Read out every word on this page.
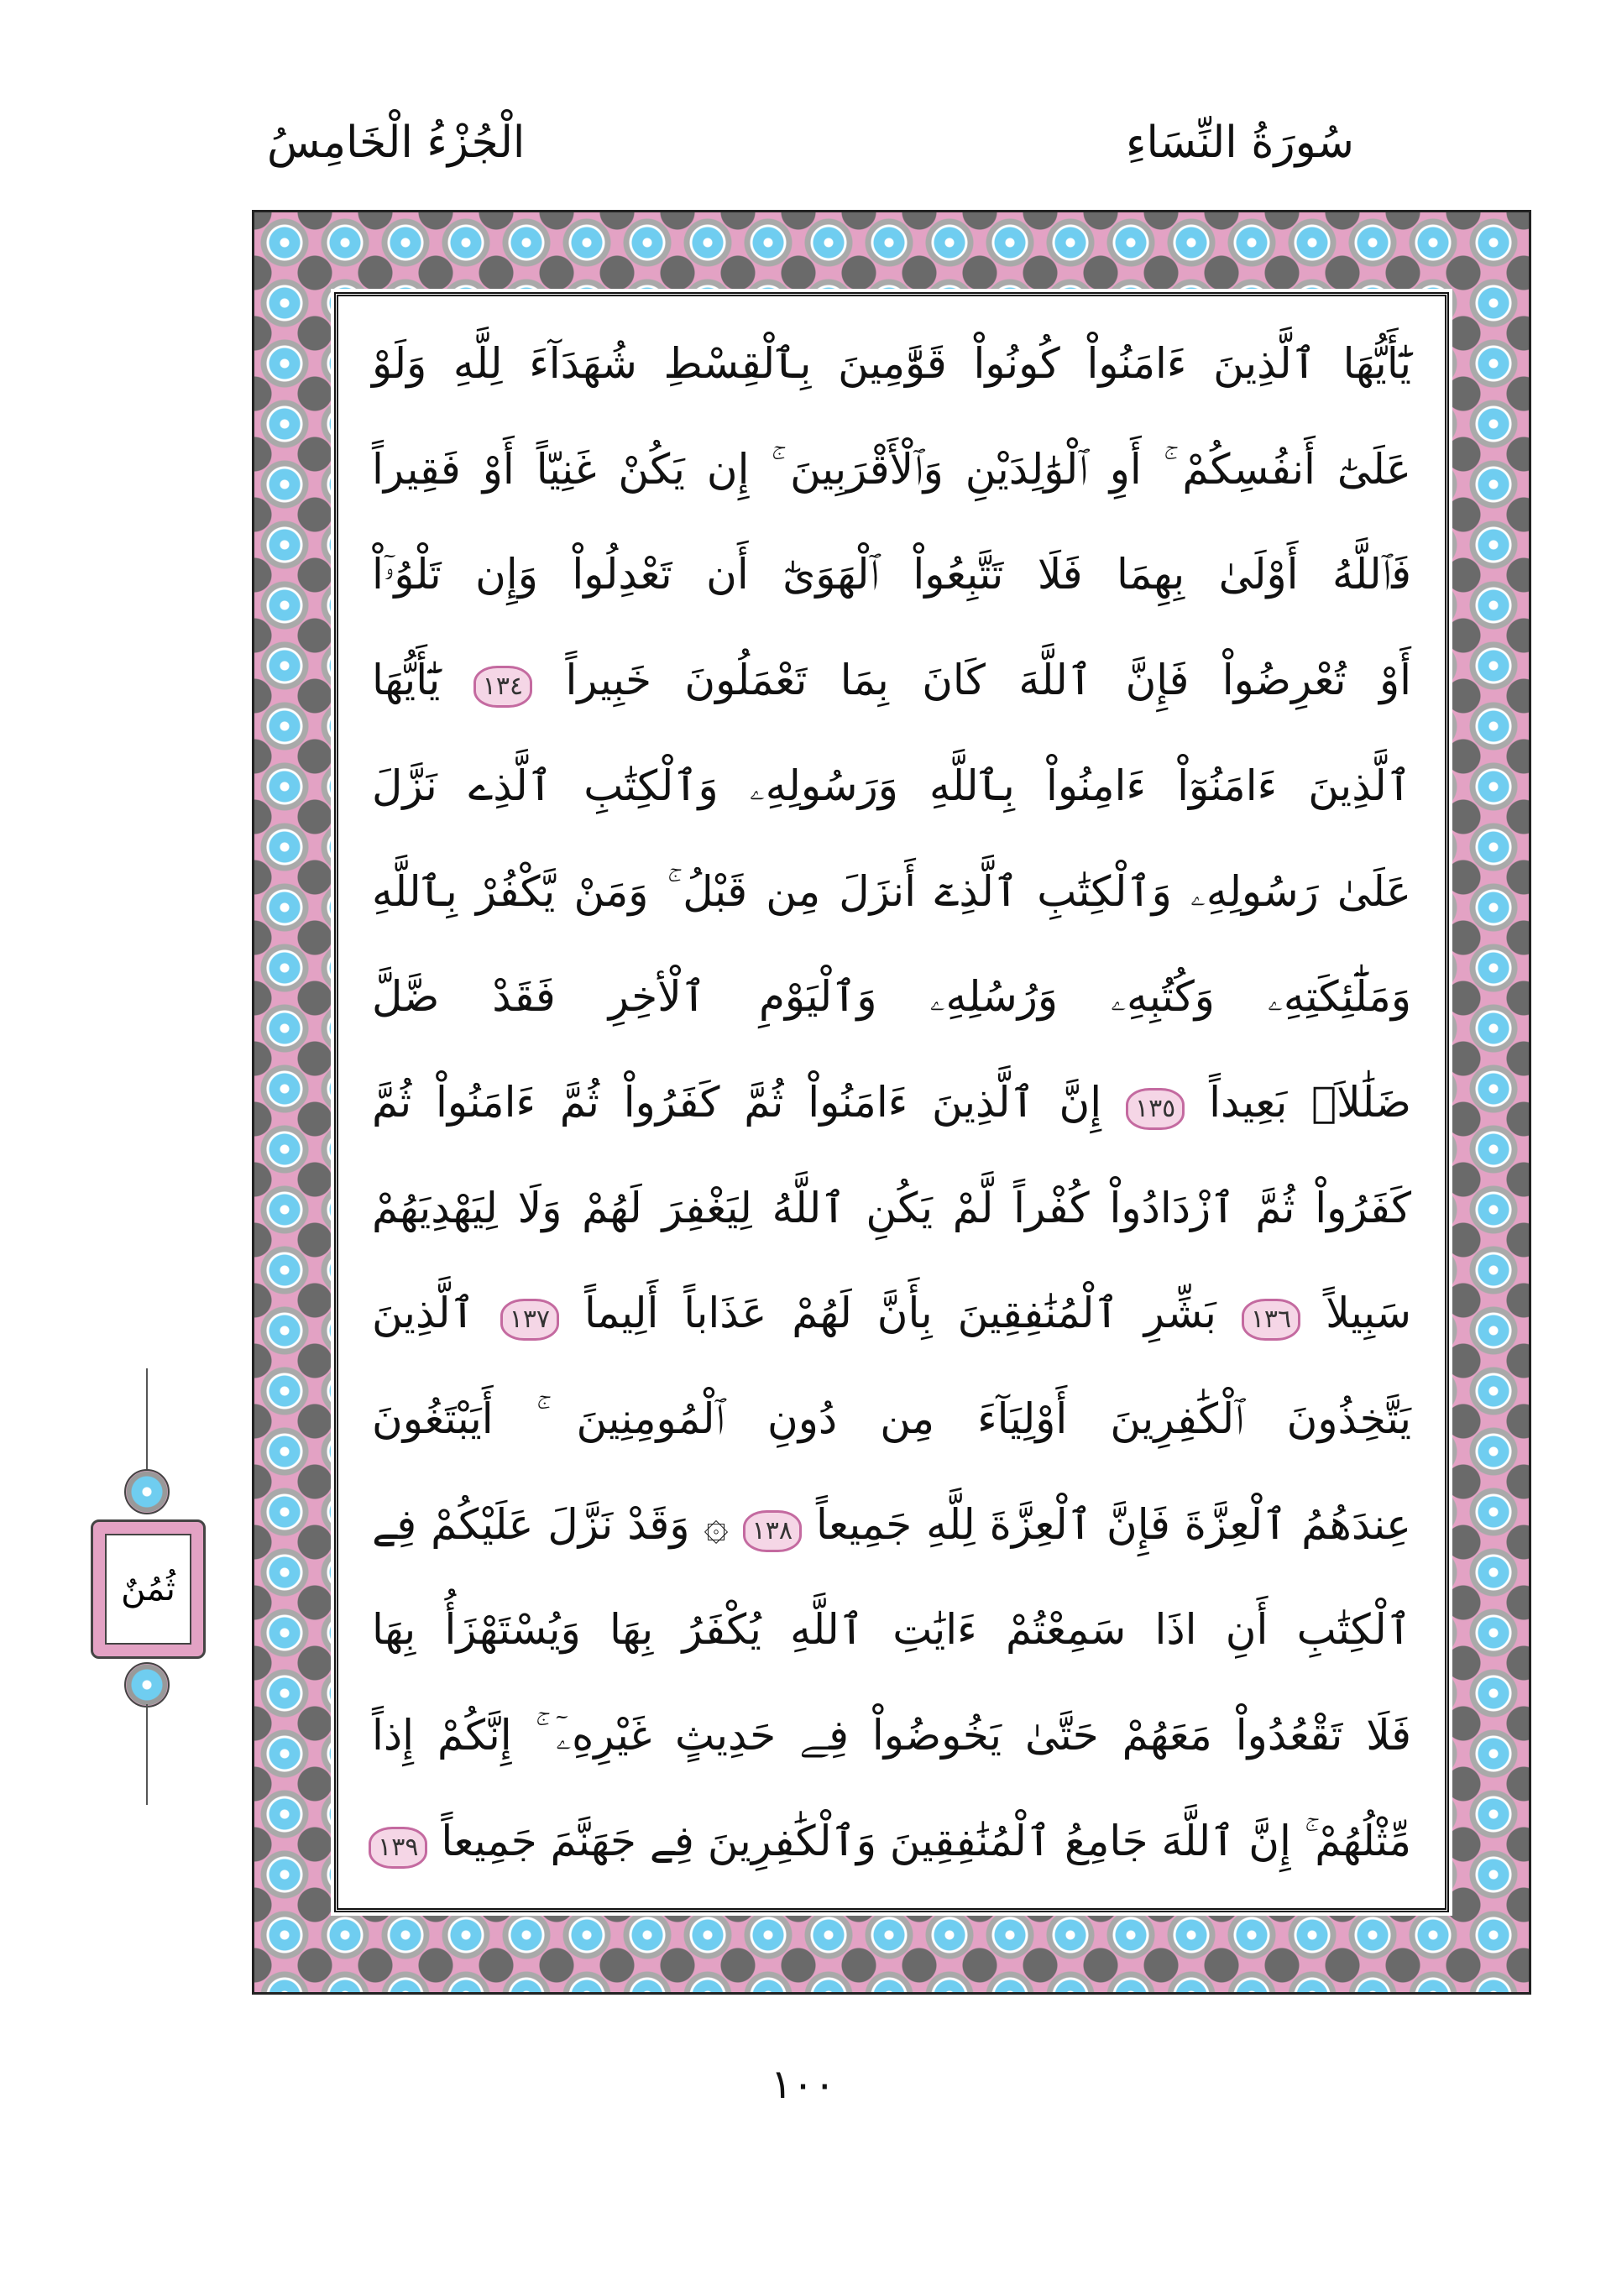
سُورَةُ النِّسَاءِ
الْجُزْءُ الْخَامِسُ
يَٰٓأَيُّهَا ٱلَّذِينَ ءَامَنُواْ كُونُواْ قَوَّٰمِينَ بِٱلْقِسْطِ شُهَدَآءَ لِلَّهِ وَلَوْ
عَلَىٰٓ أَنفُسِكُمْ ۚ أَوِ ٱلْوَٰلِدَيْنِ وَٱلْأَقْرَبِينَ ۚ إِن يَكُنْ غَنِيّاً أَوْ فَقِيراً
فَٱللَّهُ أَوْلَىٰ بِهِمَا فَلَا تَتَّبِعُواْ ٱلْهَوَىٰٓ أَن تَعْدِلُواْ وَإِن تَلْوُۥٓاْ
أَوْ تُعْرِضُواْ فَإِنَّ ٱللَّهَ كَانَ بِمَا تَعْمَلُونَ خَبِيراً ١٣٤ يَٰٓأَيُّهَا
ٱلَّذِينَ ءَامَنُوٓاْ ءَامِنُواْ بِٱللَّهِ وَرَسُولِهِۦ وَٱلْكِتَٰبِ ٱلَّذِے نَزَّلَ
عَلَىٰ رَسُولِهِۦ وَٱلْكِتَٰبِ ٱلَّذِےٓ أَنزَلَ مِن قَبْلُ ۚ وَمَنْ يَّكْفُرْ بِٱللَّهِ
وَمَلَٰٓئِكَتِهِۦ وَكُتُبِهِۦ وَرُسُلِهِۦ وَٱلْيَوْمِ ٱلْأخِرِ فَقَدْ ضَّلَّ
ضَلَٰلاَۢ بَعِيداً ١٣٥ إِنَّ ٱلَّذِينَ ءَامَنُواْ ثُمَّ كَفَرُواْ ثُمَّ ءَامَنُواْ ثُمَّ
كَفَرُواْ ثُمَّ ٱزْدَادُواْ كُفْراً لَّمْ يَكُنِ ٱللَّهُ لِيَغْفِرَ لَهُمْ وَلَا لِيَهْدِيَهُمْ
سَبِيلاً ١٣٦ بَشِّرِ ٱلْمُنَٰفِقِينَ بِأَنَّ لَهُمْ عَذَاباً أَلِيماً ١٣٧ ٱلَّذِينَ
يَتَّخِذُونَ ٱلْكَٰفِرِينَ أَوْلِيَآءَ مِن دُونِ ٱلْمُومِنِينَ ۚ أَيَبْتَغُونَ
عِندَهُمُ ٱلْعِزَّةَ فَإِنَّ ٱلْعِزَّةَ لِلَّهِ جَمِيعاً ١٣٨ ۞ وَقَدْ نَزَّلَ عَلَيْكُمْ فِے
ٱلْكِتَٰبِ أَنِ اذَا سَمِعْتُمْ ءَايَٰتِ ٱللَّهِ يُكْفَرُ بِهَا وَيُسْتَهْزَأُ بِهَا
فَلَا تَقْعُدُواْ مَعَهُمْ حَتَّىٰ يَخُوضُواْ فِے حَدِيثٍ غَيْرِهِۦٓ ۚ إِنَّكُمْ إِذاً
مِّثْلُهُمْ ۚ إِنَّ ٱللَّهَ جَامِعُ ٱلْمُنَٰفِقِينَ وَٱلْكَٰفِرِينَ فِے جَهَنَّمَ جَمِيعاً ١٣٩
ثُمُنٌ
١٠٠
